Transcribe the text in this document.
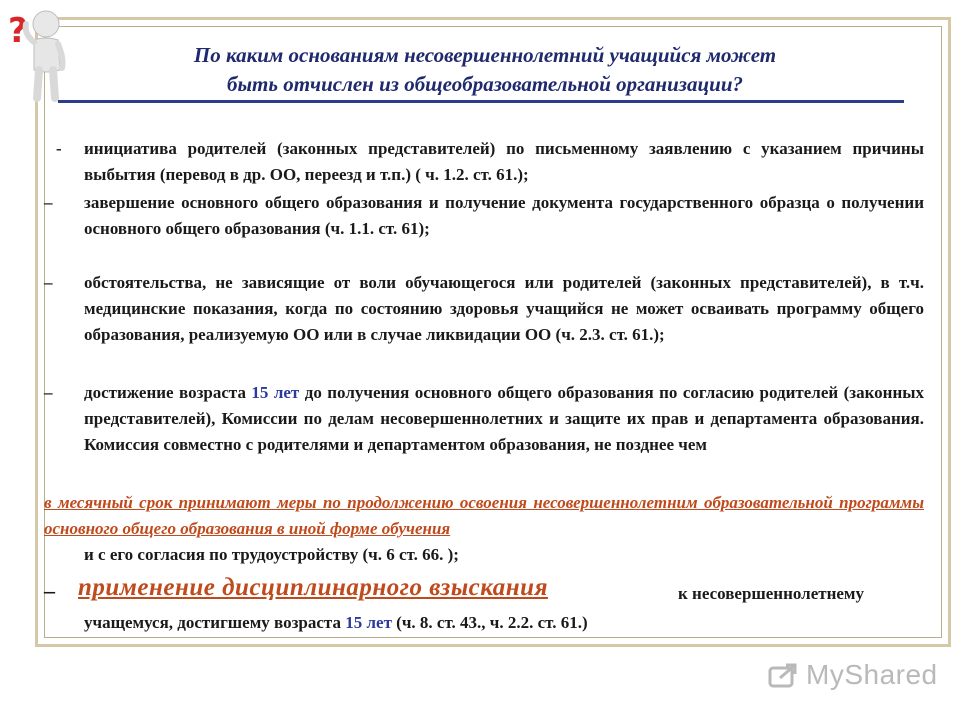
?
По каким основаниям несовершеннолетний учащийся может
быть отчислен из общеобразовательной организации?
- инициатива родителей (законных представителей) по письменному заявлению с указанием причины выбытия (перевод в др. ОО, переезд и т.п.) ( ч. 1.2. ст. 61.);
– завершение основного общего образования и получение документа государственного образца о получении основного общего образования (ч. 1.1. ст. 61);
– обстоятельства, не зависящие от воли обучающегося или родителей (законных представителей), в т.ч. медицинские показания, когда по состоянию здоровья учащийся не может осваивать программу общего образования, реализуемую ОО или в случае ликвидации ОО (ч. 2.3. ст. 61.);
– достижение возраста 15 лет до получения основного общего образования по согласию родителей (законных представителей), Комиссии по делам несовершеннолетних и защите их прав и департамента образования. Комиссия совместно с родителями и департаментом образования, не позднее чем
в месячный срок принимают меры по продолжению освоения несовершеннолетним образовательной программы основного общего образования в иной форме обучения
и с его согласия по трудоустройству (ч. 6 ст. 66. );
– применение дисциплинарного взыскания	к несовершеннолетнему
учащемуся, достигшему возраста 15 лет (ч. 8. ст. 43., ч. 2.2. ст. 61.)
MyShared
